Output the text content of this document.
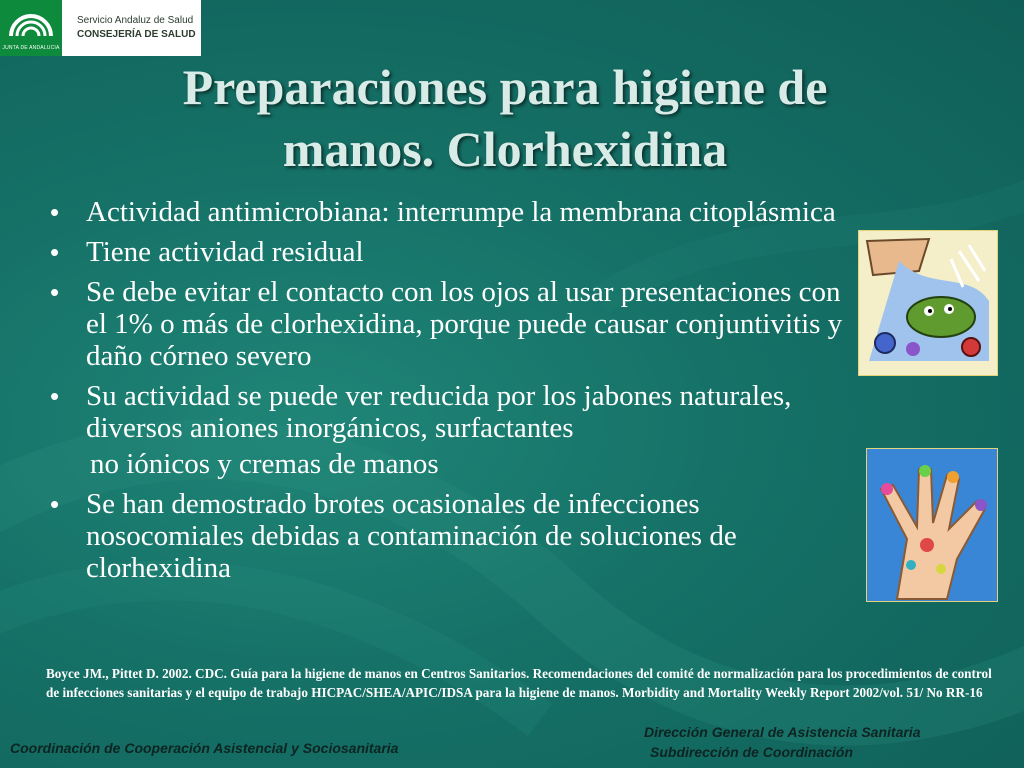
JUNTA DE ANDALUCIA
Servicio Andaluz de Salud
CONSEJERÍA DE SALUD
Preparaciones para higiene de
manos. Clorhexidina
• Actividad antimicrobiana: interrumpe la membrana citoplásmica
• Tiene actividad residual
• Se debe evitar el contacto con los ojos al usar presentaciones con el 1% o más de clorhexidina, porque puede causar conjuntivitis y daño córneo severo
• Su actividad se puede ver reducida por los jabones naturales, diversos aniones inorgánicos, surfactantes
no iónicos y cremas de manos
• Se han demostrado brotes ocasionales de infecciones nosocomiales debidas a contaminación de soluciones de clorhexidina
Boyce JM., Pittet D. 2002. CDC. Guía para la higiene de manos en Centros Sanitarios. Recomendaciones del comité de normalización para los procedimientos de control de infecciones sanitarias y el equipo de trabajo HICPAC/SHEA/APIC/IDSA para la higiene de manos. Morbidity and Mortality Weekly Report 2002/vol. 51/ No RR-16
Coordinación de Cooperación Asistencial y Sociosanitaria
Dirección General de Asistencia Sanitaria
Subdirección de Coordinación
